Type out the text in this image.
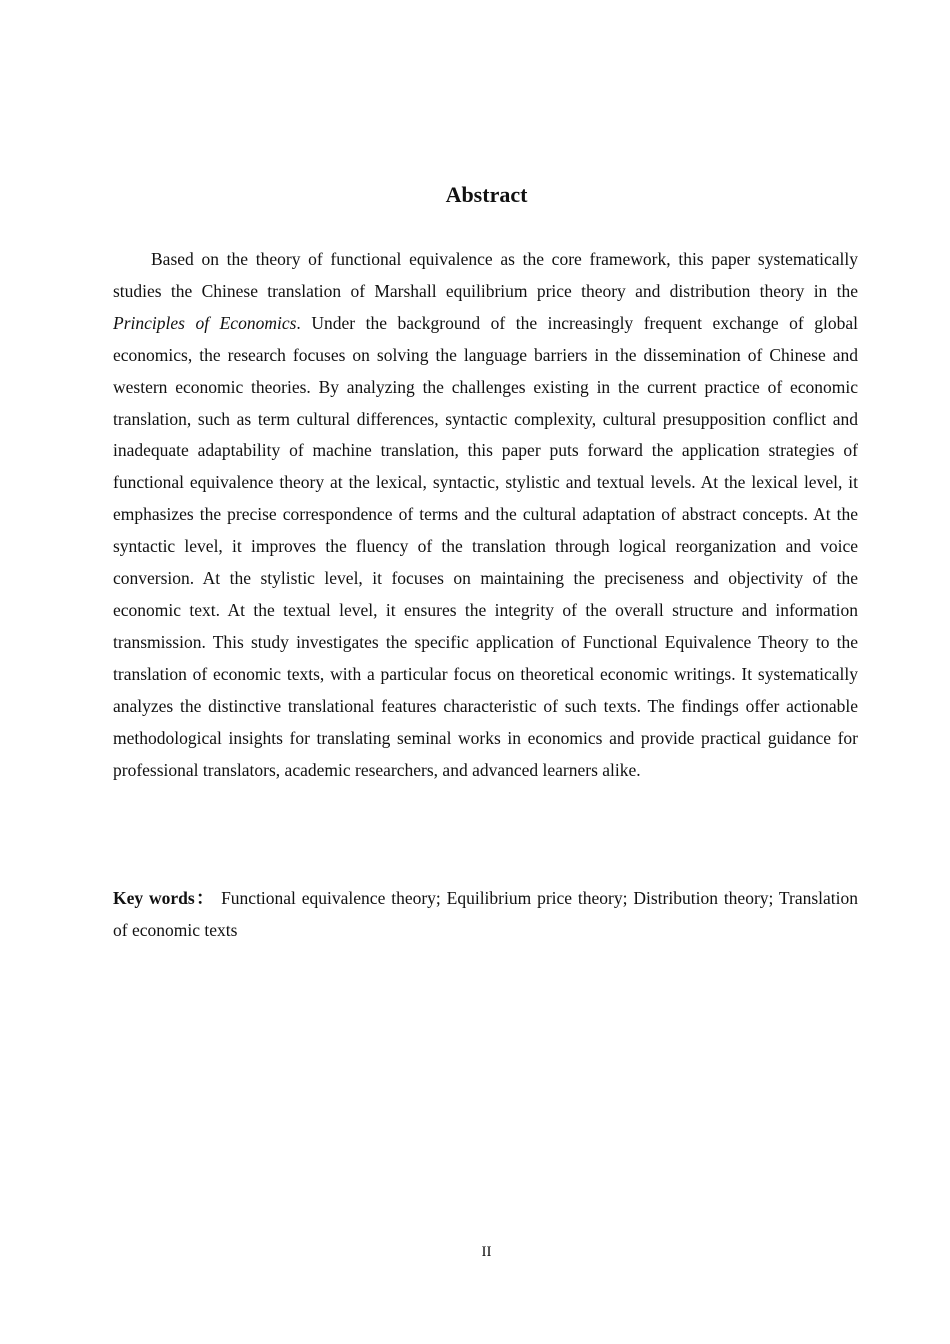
Abstract

Based on the theory of functional equivalence as the core framework, this paper systematically studies the Chinese translation of Marshall equilibrium price theory and distribution theory in the Principles of Economics. Under the background of the increasingly frequent exchange of global economics, the research focuses on solving the language barriers in the dissemination of Chinese and western economic theories. By analyzing the challenges existing in the current practice of economic translation, such as term cultural differences, syntactic complexity, cultural presupposition conflict and inadequate adaptability of machine translation, this paper puts forward the application strategies of functional equivalence theory at the lexical, syntactic, stylistic and textual levels. At the lexical level, it emphasizes the precise correspondence of terms and the cultural adaptation of abstract concepts. At the syntactic level, it improves the fluency of the translation through logical reorganization and voice conversion. At the stylistic level, it focuses on maintaining the preciseness and objectivity of the economic text. At the textual level, it ensures the integrity of the overall structure and information transmission. This study investigates the specific application of Functional Equivalence Theory to the translation of economic texts, with a particular focus on theoretical economic writings. It systematically analyzes the distinctive translational features characteristic of such texts. The findings offer actionable methodological insights for translating seminal works in economics and provide practical guidance for professional translators, academic researchers, and advanced learners alike.

Key words： Functional equivalence theory; Equilibrium price theory; Distribution theory; Translation of economic texts

II
